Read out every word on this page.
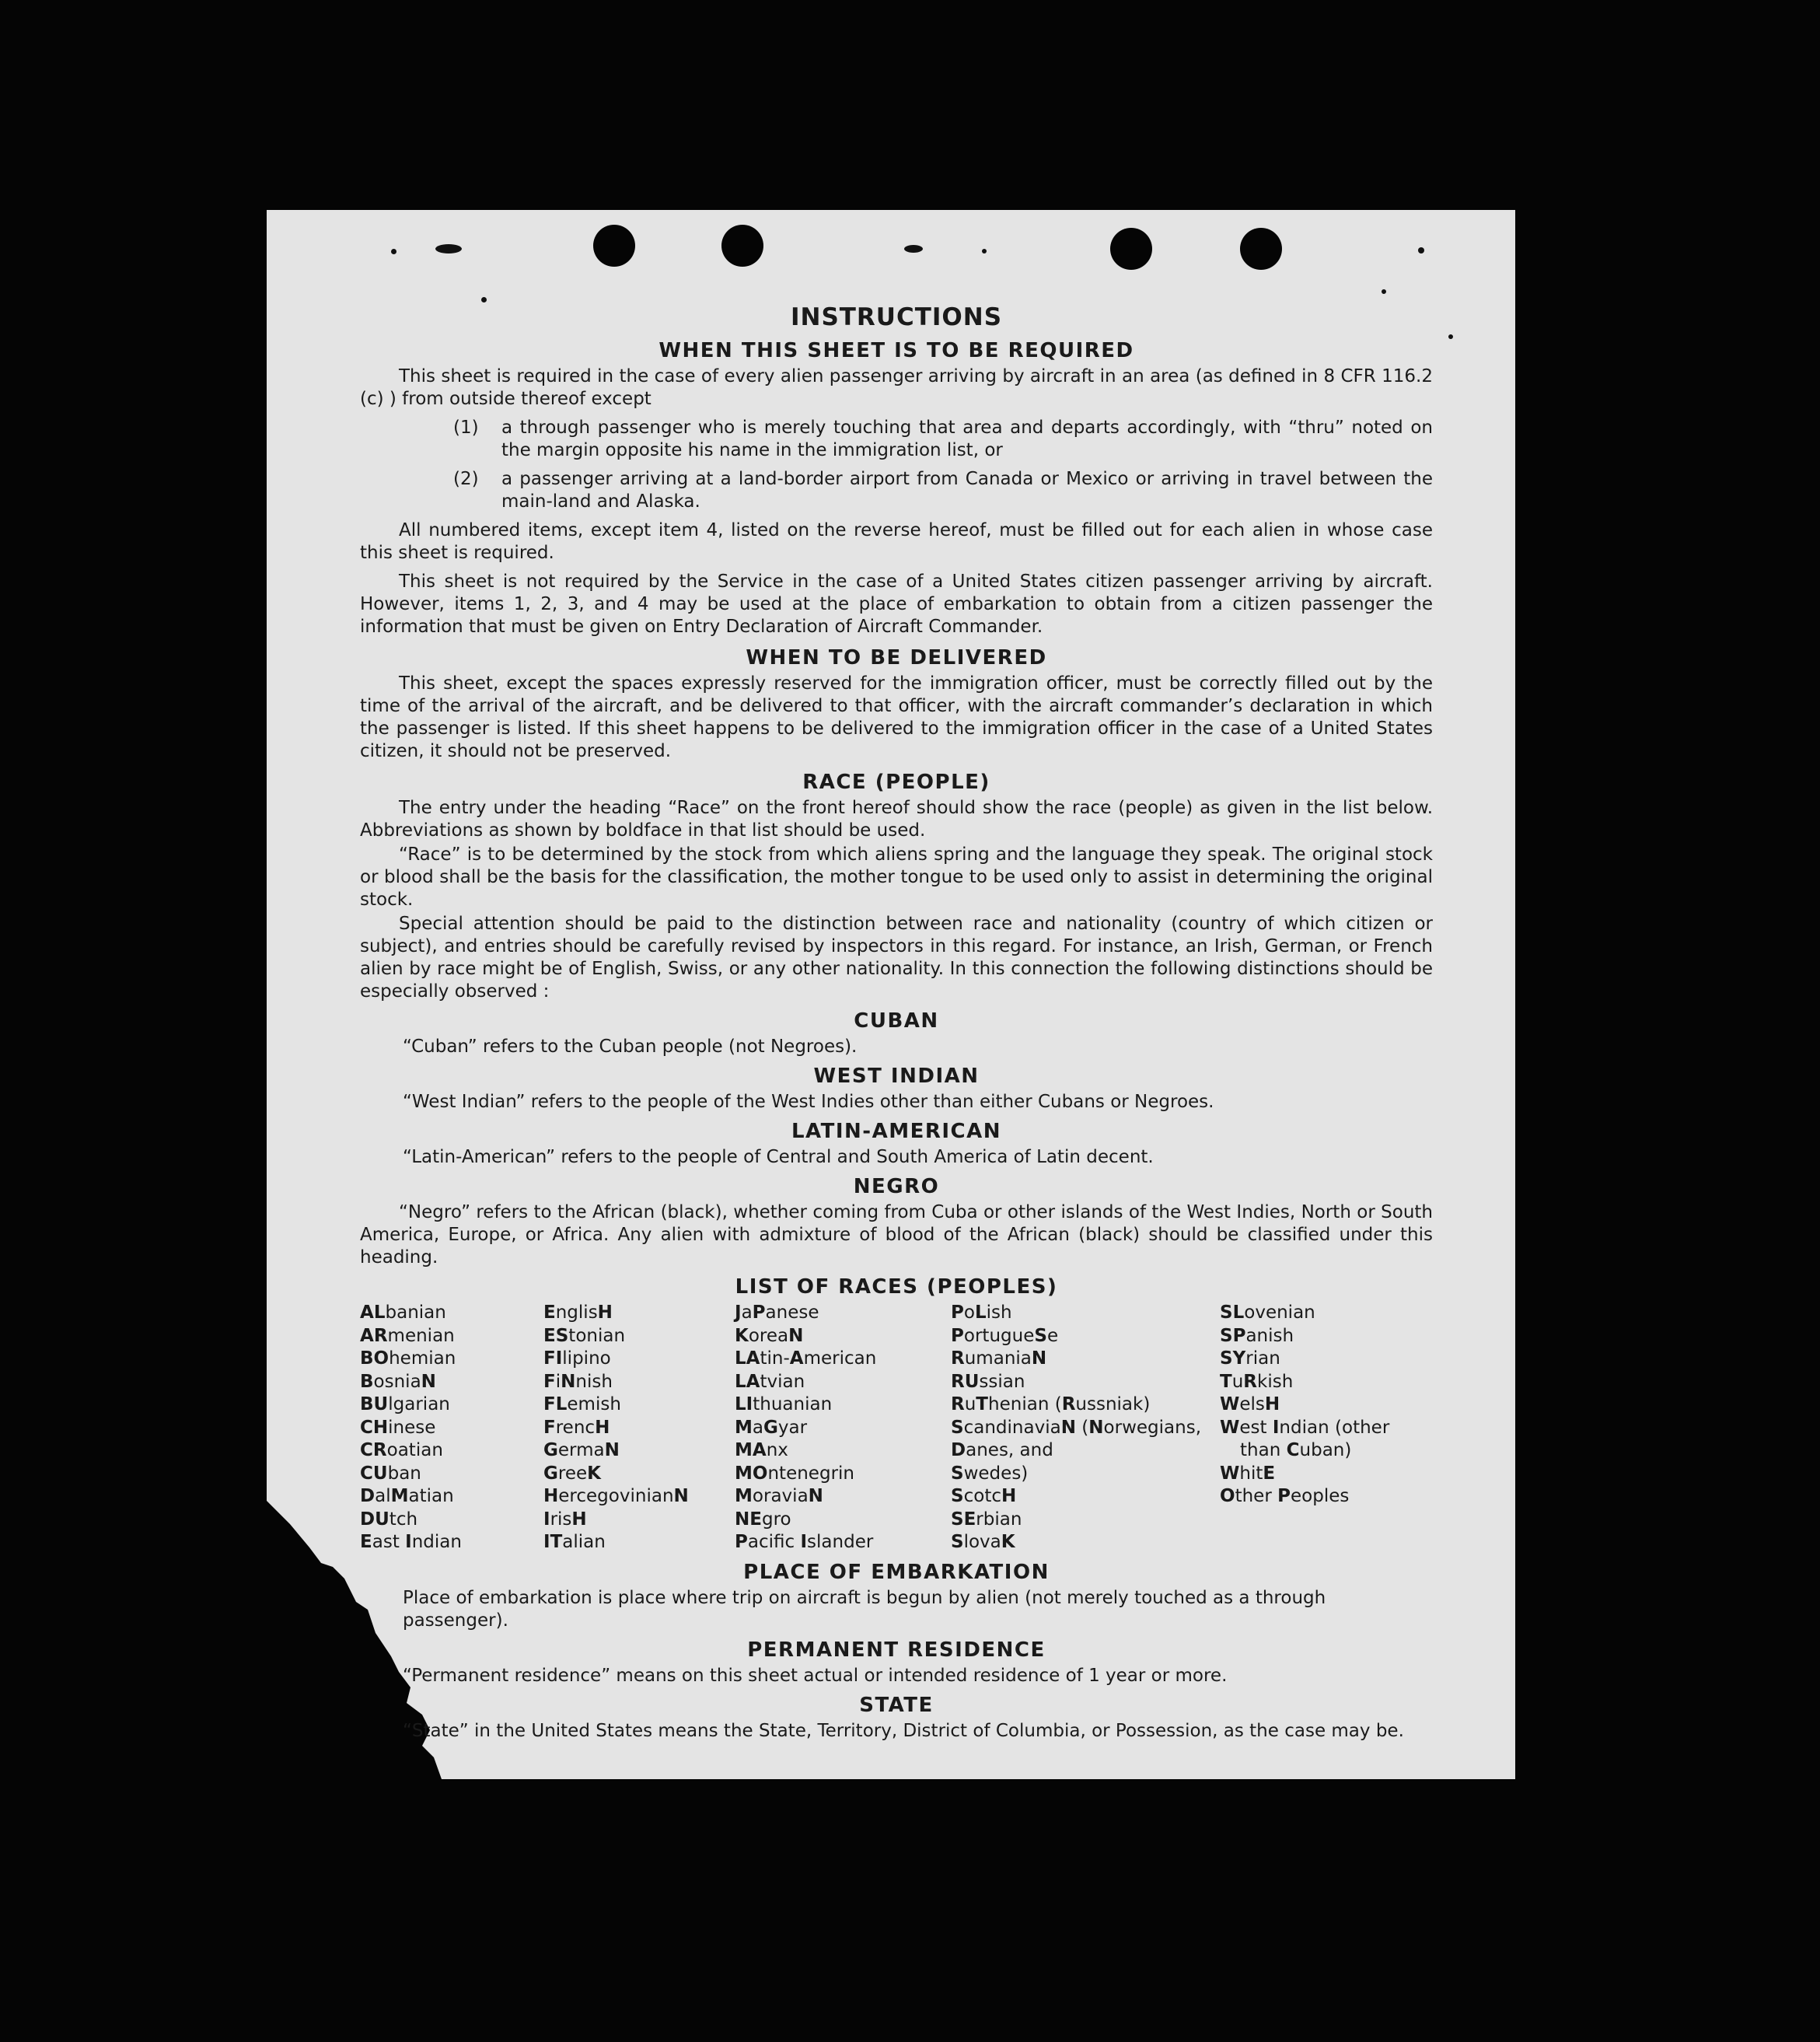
INSTRUCTIONS
WHEN THIS SHEET IS TO BE REQUIRED
This sheet is required in the case of every alien passenger arriving by aircraft in an area (as defined in 8 CFR 116.2 (c) ) from outside thereof except
(1)	a through passenger who is merely touching that area and departs accordingly, with “thru” noted on the margin opposite his name in the immigration list, or
(2)	a passenger arriving at a land-border airport from Canada or Mexico or arriving in travel between the main-land and Alaska.
All numbered items, except item 4, listed on the reverse hereof, must be filled out for each alien in whose case this sheet is required.
This sheet is not required by the Service in the case of a United States citizen passenger arriving by aircraft. However, items 1, 2, 3, and 4 may be used at the place of embarkation to obtain from a citizen passenger the information that must be given on Entry Declaration of Aircraft Commander.
WHEN TO BE DELIVERED
This sheet, except the spaces expressly reserved for the immigration officer, must be correctly filled out by the time of the arrival of the aircraft, and be delivered to that officer, with the aircraft commander’s declaration in which the passenger is listed. If this sheet happens to be delivered to the immigration officer in the case of a United States citizen, it should not be preserved.
RACE (PEOPLE)
The entry under the heading “Race” on the front hereof should show the race (people) as given in the list below. Abbreviations as shown by boldface in that list should be used.
“Race” is to be determined by the stock from which aliens spring and the language they speak. The original stock or blood shall be the basis for the classification, the mother tongue to be used only to assist in determining the original stock.
Special attention should be paid to the distinction between race and nationality (country of which citizen or subject), and entries should be carefully revised by inspectors in this regard. For instance, an Irish, German, or French alien by race might be of English, Swiss, or any other nationality. In this connection the following distinctions should be especially observed :
CUBAN
“Cuban” refers to the Cuban people (not Negroes).
WEST INDIAN
“West Indian” refers to the people of the West Indies other than either Cubans or Negroes.
LATIN-AMERICAN
“Latin-American” refers to the people of Central and South America of Latin decent.
NEGRO
“Negro” refers to the African (black), whether coming from Cuba or other islands of the West Indies, North or South America, Europe, or Africa. Any alien with admixture of blood of the African (black) should be classified under this heading.
LIST OF RACES (PEOPLES)
ALbanian
ARmenian
BOhemian
BosniaN
BUlgarian
CHinese
CRoatian
CUban
DalMatian
DUtch
East Indian
EnglisH
EStonian
FIlipino
FiNnish
FLemish
FrencH
GermaN
GreeK
HercegovinianN
IrisH
ITalian
JaPanese
KoreaN
LAtin-American
LAtvian
LIthuanian
MaGyar
MAnx
MOntenegrin
MoraviaN
NEgro
Pacifc Islander
PoLish
PortugueSe
RumaniaN
RUssian
RuThenian (Russniak)
ScandinaviaN (Norwegians,
Danes, and
Swedes)
ScotcH
SErbian
SlovaK
SLovenian
SPanish
SYrian
TuRkish
WelsH
West Indian (other
than Cuban)
WhitE
Other Peoples
PLACE OF EMBARKATION
Place of embarkation is place where trip on aircraft is begun by alien (not merely touched as a through passenger).
PERMANENT RESIDENCE
“Permanent residence” means on this sheet actual or intended residence of 1 year or more.
STATE
“State” in the United States means the State, Territory, District of Columbia, or Possession, as the case may be.
